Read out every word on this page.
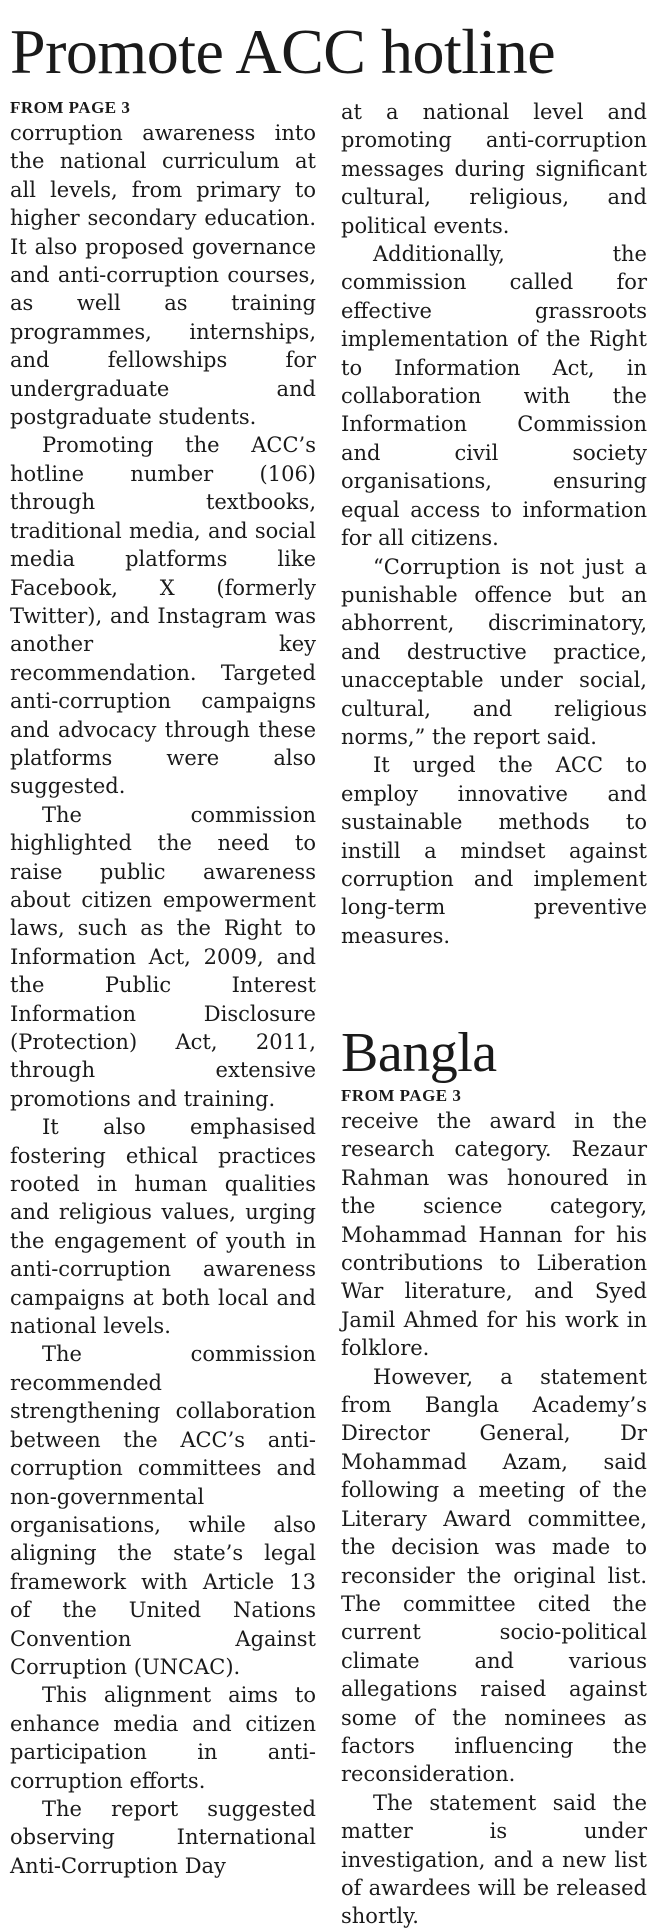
Promote ACC hotline
FROM PAGE 3

corruption awareness into the national curriculum at all levels, from primary to higher secondary education. It also proposed governance and anti-corruption courses, as well as training programmes, internships, and fellowships for undergraduate and postgraduate students.

Promoting the ACC’s hotline number (106) through textbooks, traditional media, and social media platforms like Facebook, X (formerly Twitter), and Instagram was another key recommendation. Targeted anti-corruption campaigns and advocacy through these platforms were also suggested.

The commission highlighted the need to raise public awareness about citizen empowerment laws, such as the Right to Information Act, 2009, and the Public Interest Information Disclosure (Protection) Act, 2011, through extensive promotions and training.

It also emphasised fostering ethical practices rooted in human qualities and religious values, urging the engagement of youth in anti-corruption awareness campaigns at both local and national levels.

The commission recommended strengthening collaboration between the ACC’s anti-corruption committees and non-governmental organisations, while also aligning the state’s legal framework with Article 13 of the United Nations Convention Against Corruption (UNCAC).

This alignment aims to enhance media and citizen participation in anti-corruption efforts.

The report suggested observing International Anti-Corruption Day

at a national level and promoting anti-corruption messages during significant cultural, religious, and political events.

Additionally, the commission called for effective grassroots implementation of the Right to Information Act, in collaboration with the Information Commission and civil society organisations, ensuring equal access to information for all citizens.

“Corruption is not just a punishable offence but an abhorrent, discriminatory, and destructive practice, unacceptable under social, cultural, and religious norms,” the report said.

It urged the ACC to employ innovative and sustainable methods to instill a mindset against corruption and implement long-term preventive measures.

Bangla
FROM PAGE 3

receive the award in the research category. Rezaur Rahman was honoured in the science category, Mohammad Hannan for his contributions to Liberation War literature, and Syed Jamil Ahmed for his work in folklore.

However, a statement from Bangla Academy’s Director General, Dr Mohammad Azam, said following a meeting of the Literary Award committee, the decision was made to reconsider the original list. The committee cited the current socio-political climate and various allegations raised against some of the nominees as factors influencing the reconsideration.

The statement said the matter is under investigation, and a new list of awardees will be released shortly.
